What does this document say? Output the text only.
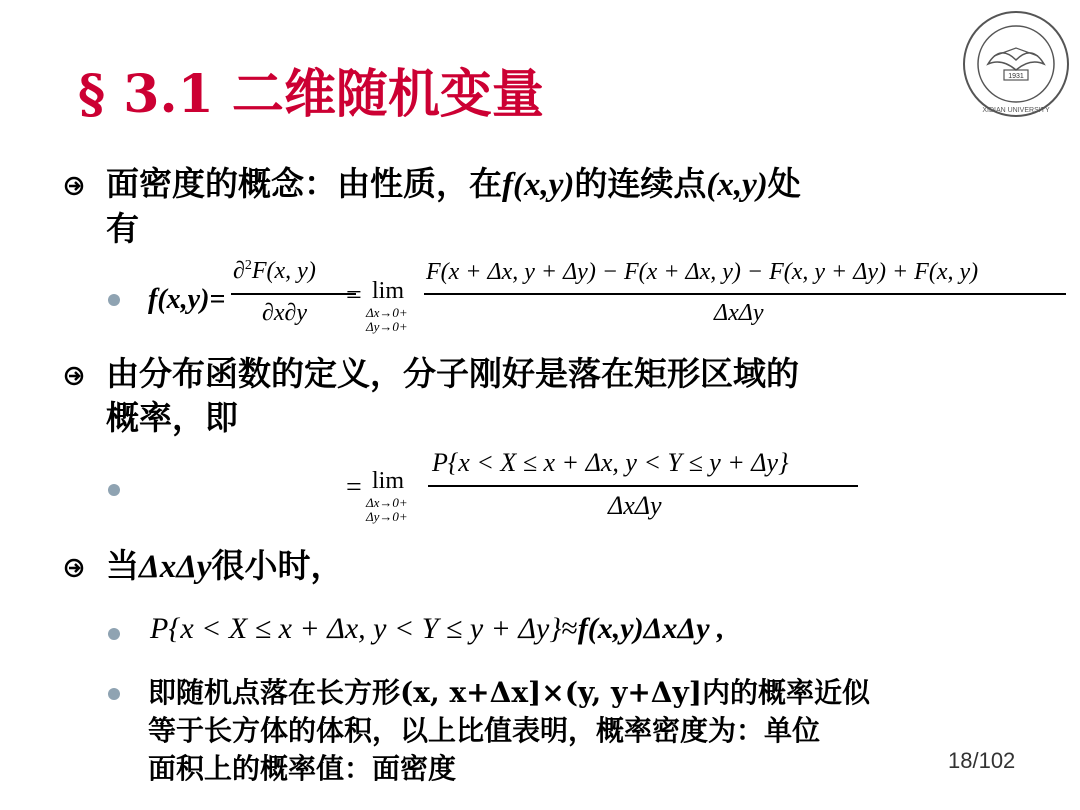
§ 3.1 二维随机变量	1931
XIDIAN UNIVERSITY
面密度的概念：由性质，在f(x,y)的连续点(x,y)处
有
f(x,y)=
∂$^2$F(x, y)
∂x∂y
= lim
Δx→0+
Δy→0+
F(x + Δx, y + Δy) − F(x + Δx, y) − F(x, y + Δy) + F(x, y)
ΔxΔy
由分布函数的定义，分子刚好是落在矩形区域的
概率，即
= lim
Δx→0+
Δy→0+
P{x < X ≤ x + Δx, y < Y ≤ y + Δy}
ΔxΔy
当ΔxΔy很小时，
P{x < X ≤ x + Δx, y < Y ≤ y + Δy}≈f(x,y)ΔxΔy ,
即随机点落在长方形(x, x+Δx]×(y, y+Δy]内的概率近似
等于长方体的体积，以上比值表明，概率密度为：单位
面积上的概率值：面密度	18/102
